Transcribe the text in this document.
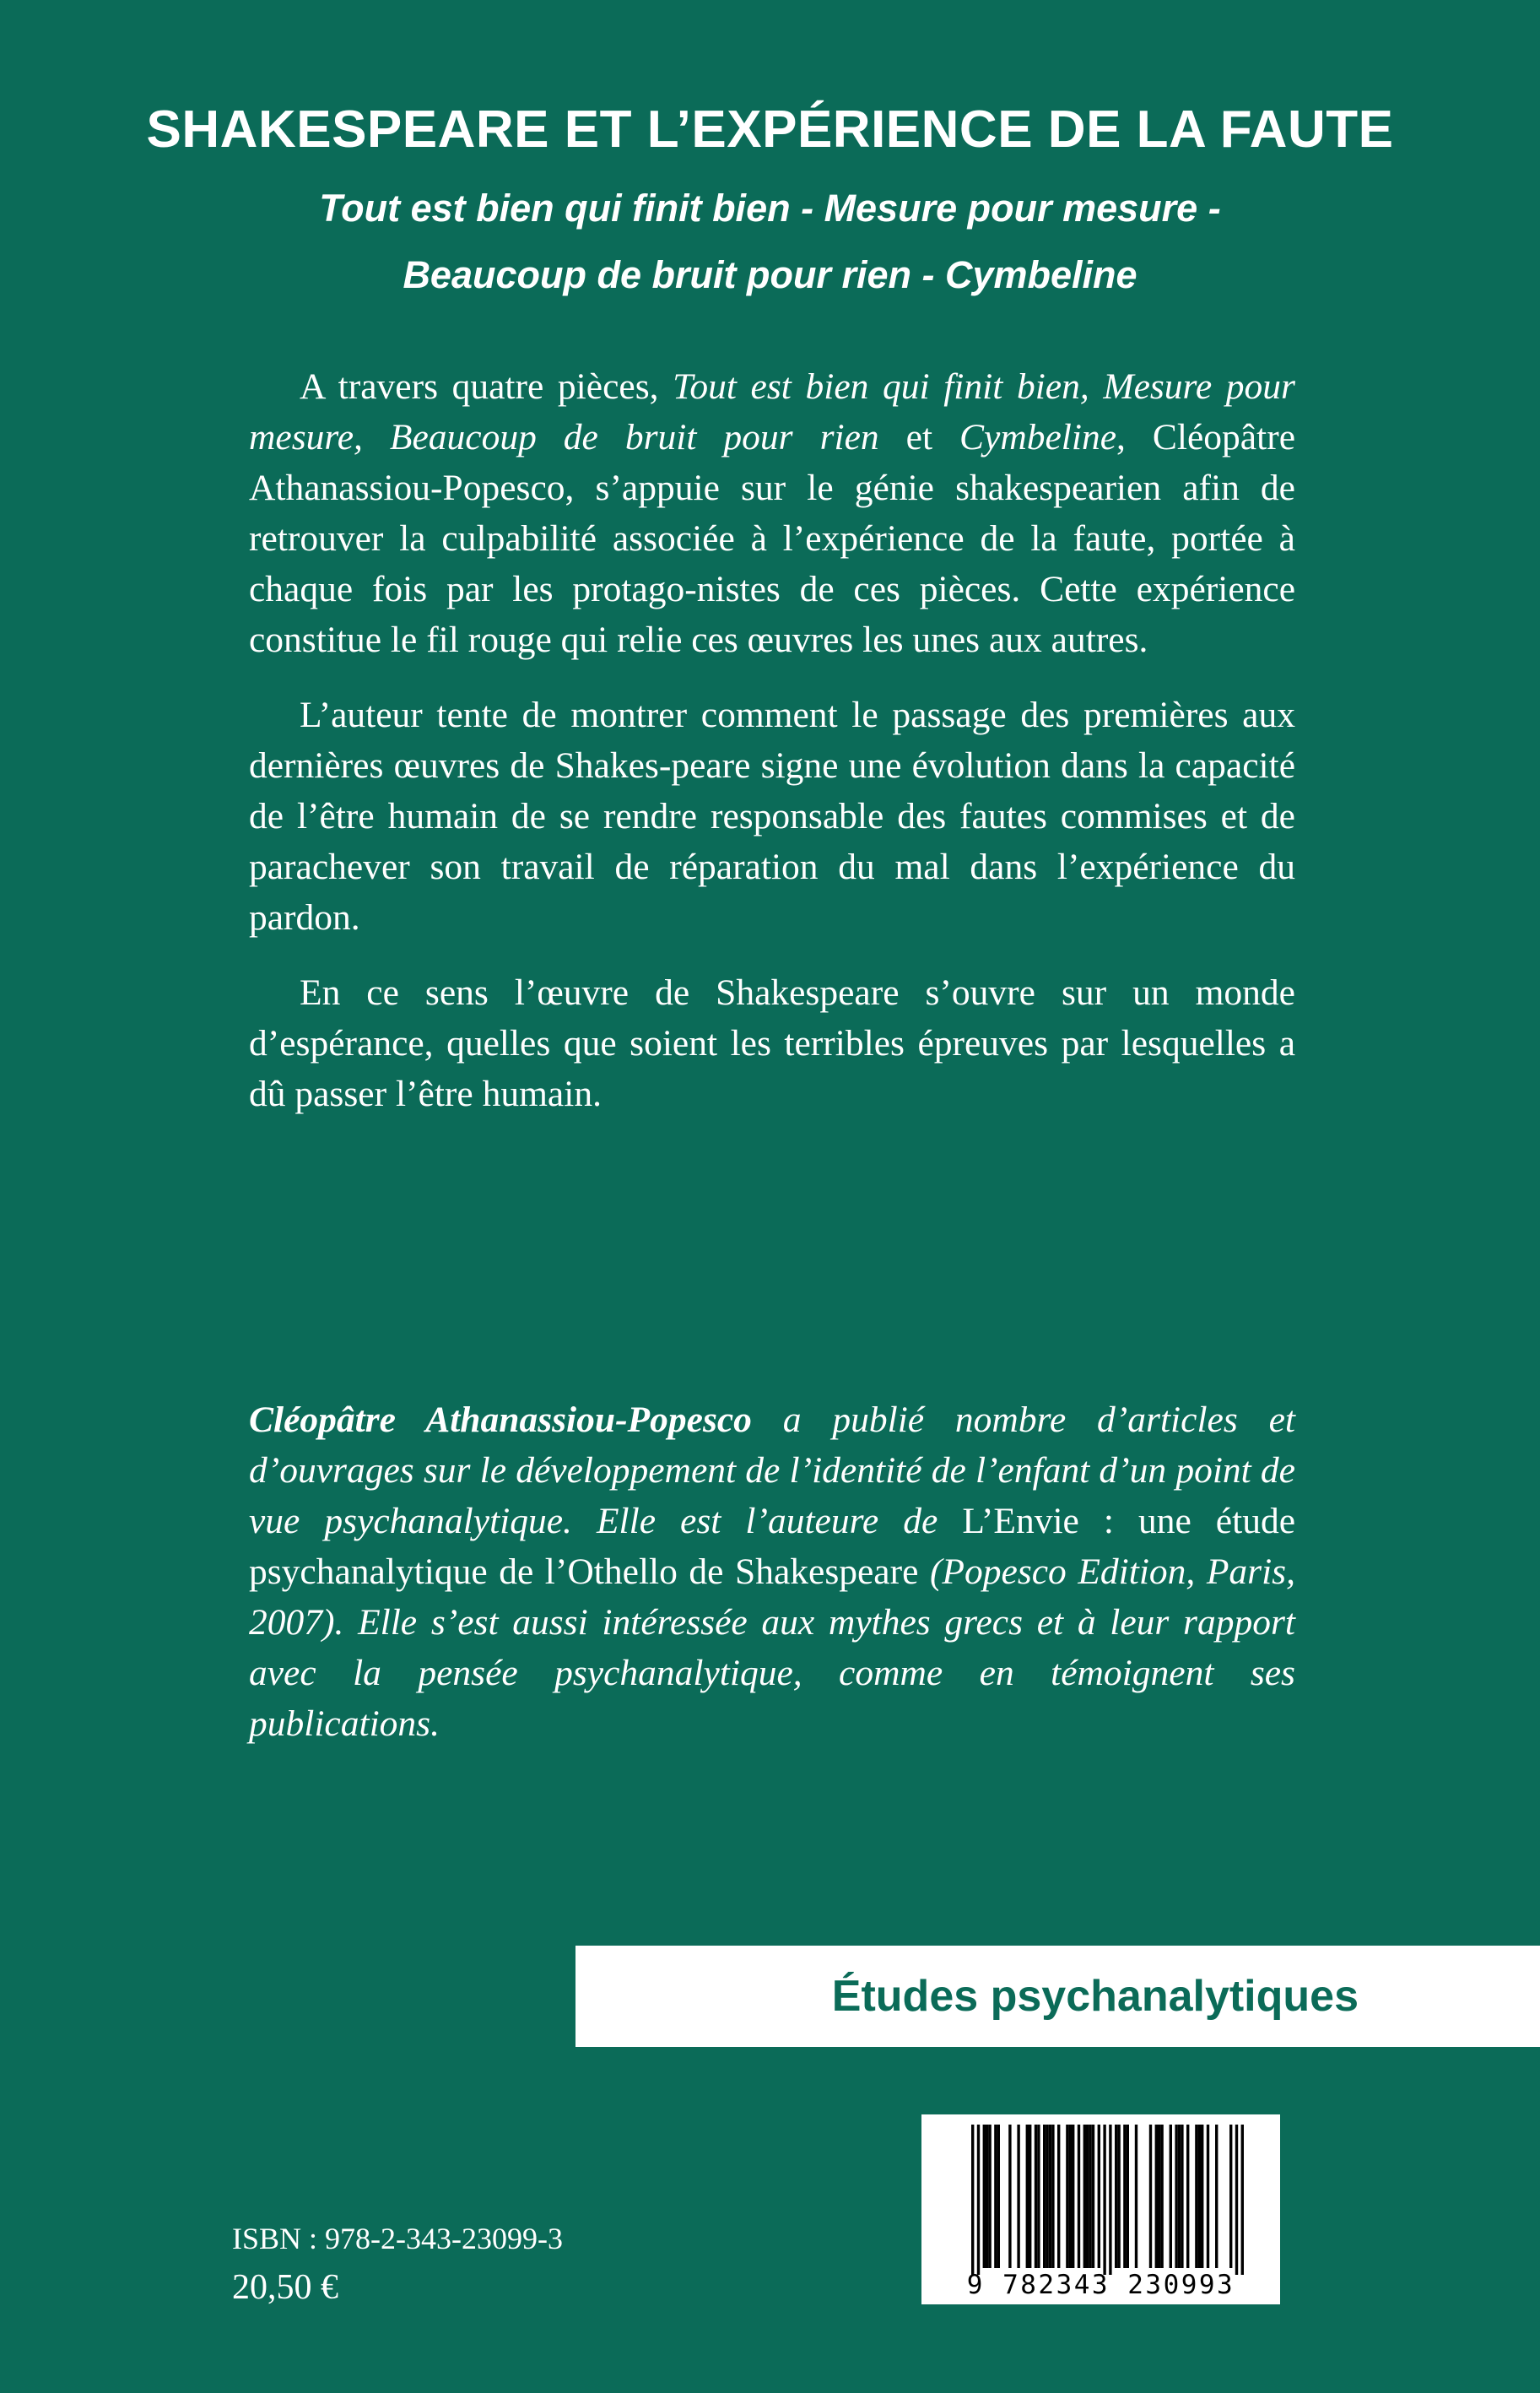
SHAKESPEARE ET L’EXPÉRIENCE DE LA FAUTE
Tout est bien qui finit bien - Mesure pour mesure -
Beaucoup de bruit pour rien - Cymbeline

A travers quatre pièces, Tout est bien qui finit bien, Mesure pour mesure, Beaucoup de bruit pour rien et Cymbeline, Cléopâtre Athanassiou-Popesco, s’appuie sur le génie shakespearien afin de retrouver la culpabilité associée à l’expérience de la faute, portée à chaque fois par les protago-nistes de ces pièces. Cette expérience constitue le fil rouge qui relie ces œuvres les unes aux autres.

L’auteur tente de montrer comment le passage des premières aux dernières œuvres de Shakes-peare signe une évolution dans la capacité de l’être humain de se rendre responsable des fautes commises et de parachever son travail de réparation du mal dans l’expérience du pardon.

En ce sens l’œuvre de Shakespeare s’ouvre sur un monde d’espérance, quelles que soient les terribles épreuves par lesquelles a dû passer l’être humain.

Cléopâtre Athanassiou-Popesco a publié nombre d’articles et d’ouvrages sur le développement de l’identité de l’enfant d’un point de vue psychanalytique. Elle est l’auteure de L’Envie : une étude psychanalytique de l’Othello de Shakespeare (Popesco Edition, Paris, 2007). Elle s’est aussi intéressée aux mythes grecs et à leur rapport avec la pensée psychanalytique, comme en témoignent ses publications.

Études psychanalytiques
ISBN : 978-2-343-23099-3
20,50 €	9 782343 230993
